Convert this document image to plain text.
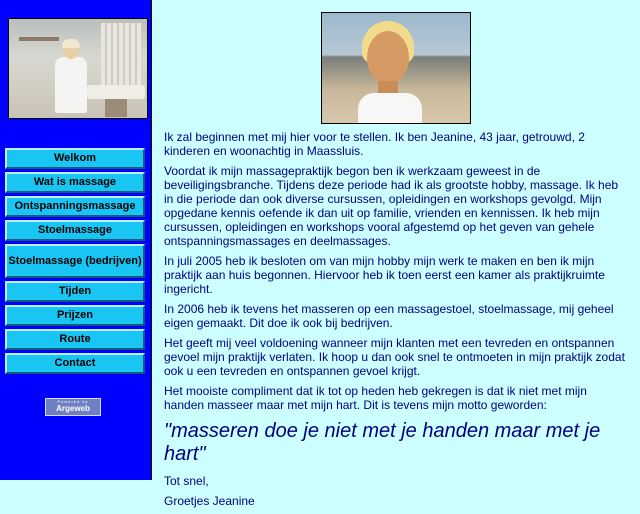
Welkom
Wat is massage
Ontspanningsmassage
Stoelmassage
Stoelmassage (bedrijven)
Tijden
Prijzen
Route
Contact
Powered by
Argeweb

Ik zal beginnen met mij hier voor te stellen. Ik ben Jeanine, 43 jaar, getrouwd, 2 kinderen en woonachtig in Maassluis.

Voordat ik mijn massagepraktijk begon ben ik werkzaam geweest in de beveiligingsbranche. Tijdens deze periode had ik als grootste hobby, massage. Ik heb in die periode dan ook diverse cursussen, opleidingen en workshops gevolgd. Mijn opgedane kennis oefende ik dan uit op familie, vrienden en kennissen. Ik heb mijn cursussen, opleidingen en workshops vooral afgestemd op het geven van gehele ontspanningsmassages en deelmassages.

In juli 2005 heb ik besloten om van mijn hobby mijn werk te maken en ben ik mijn praktijk aan huis begonnen. Hiervoor heb ik toen eerst een kamer als praktijkruimte ingericht.

In 2006 heb ik tevens het masseren op een massagestoel, stoelmassage, mij geheel eigen gemaakt. Dit doe ik ook bij bedrijven.

Het geeft mij veel voldoening wanneer mijn klanten met een tevreden en ontspannen gevoel mijn praktijk verlaten. Ik hoop u dan ook snel te ontmoeten in mijn praktijk zodat ook u een tevreden en ontspannen gevoel krijgt.

Het mooiste compliment dat ik tot op heden heb gekregen is dat ik niet met mijn handen masseer maar met mijn hart. Dit is tevens mijn motto geworden:

"masseren doe je niet met je handen maar met je hart"

Tot snel,

Groetjes Jeanine
